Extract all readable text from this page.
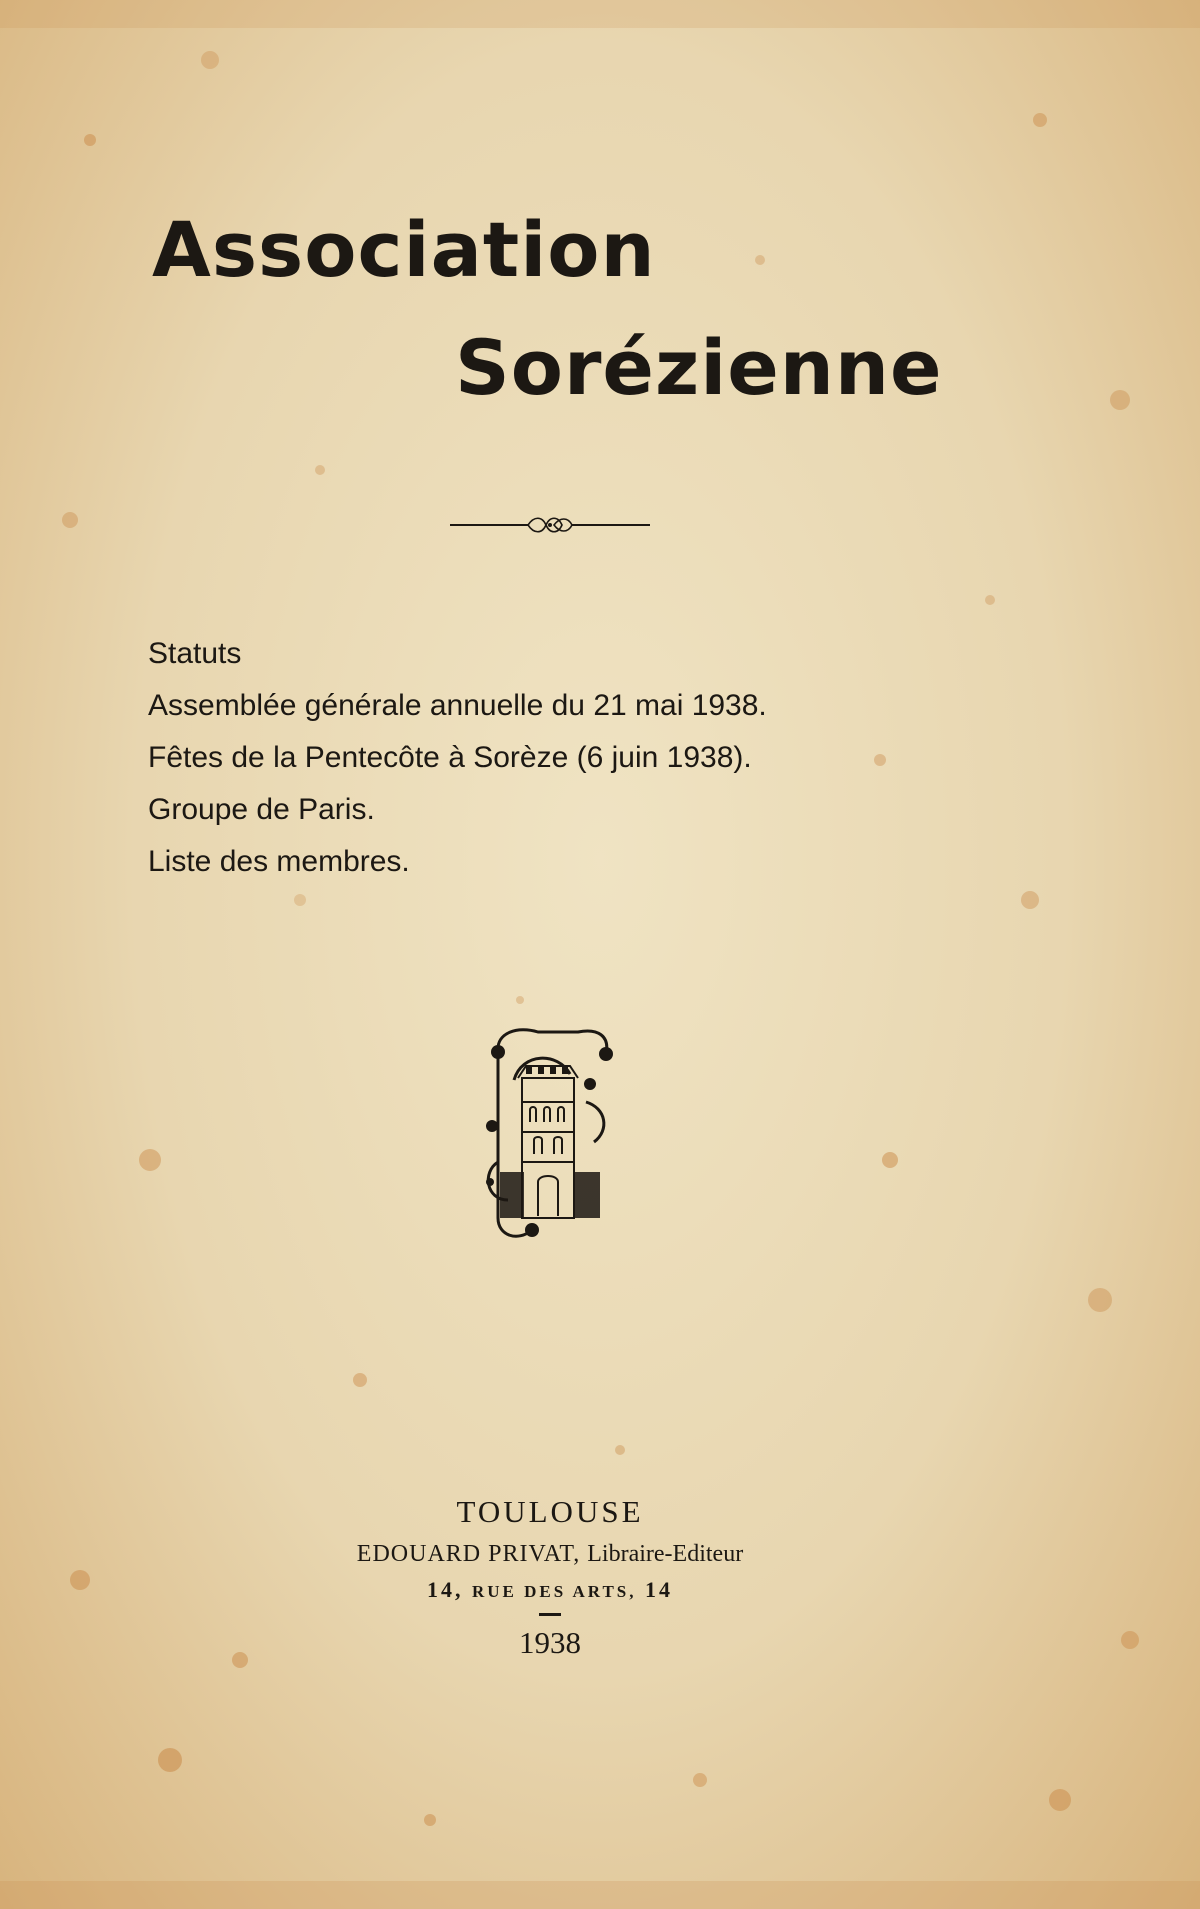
Association
Sorézienne
Statuts
Assemblée générale annuelle du 21 mai 1938.
Fêtes de la Pentecôte à Sorèze (6 juin 1938).
Groupe de Paris.
Liste des membres.

TOULOUSE

EDOUARD PRIVAT, Libraire-Editeur

14, RUE DES ARTS, 14

1938
